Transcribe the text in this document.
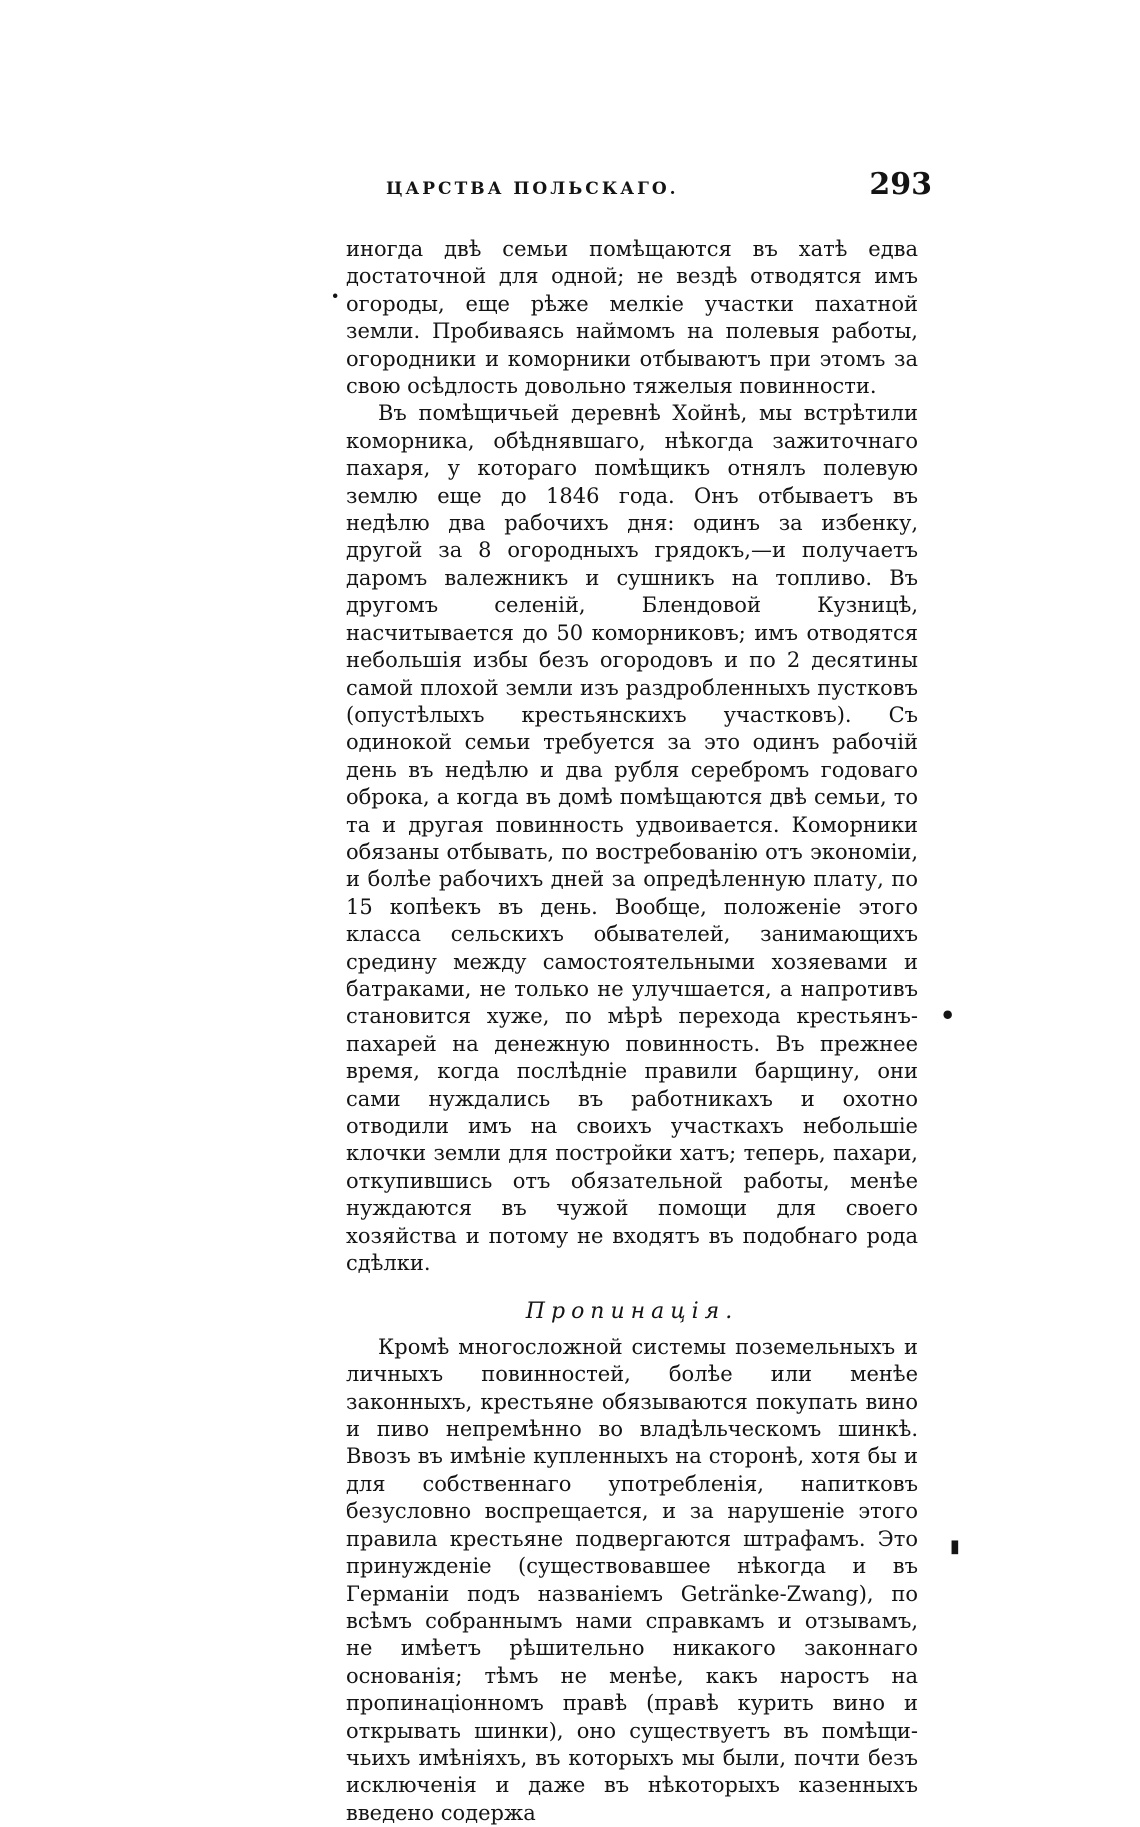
ЦАРСТВА ПОЛЬСКАГО.	293

иногда двѣ семьи помѣщаются въ хатѣ едва достаточной для одной; не вездѣ отводятся имъ огороды, еще рѣже мелкіе участки пахатной земли. Пробиваясь наймомъ на полевыя работы, огородники и коморники отбываютъ при этомъ за свою осѣдлость довольно тяжелыя повинности.

Въ помѣщичьей деревнѣ Хойнѣ, мы встрѣтили коморника, обѣднявшаго, нѣкогда зажиточнаго пахаря, у котораго помѣщикъ отнялъ полевую землю еще до 1846 года. Онъ отбываетъ въ недѣлю два рабочихъ дня: одинъ за избенку, другой за 8 огородныхъ грядокъ,—и получаетъ даромъ валежникъ и сушникъ на топливо. Въ другомъ селеній, Блендовой Кузницѣ, насчитывается до 50 коморниковъ; имъ отводятся небольшія избы безъ огородовъ и по 2 десятины самой плохой земли изъ раздробленныхъ пустковъ (опустѣлыхъ крестьянскихъ участковъ). Съ одинокой семьи требуется за это одинъ рабочій день въ недѣлю и два рубля серебромъ годоваго оброка, а когда въ домѣ помѣщаются двѣ семьи, то та и другая повинность удвоивается. Коморники обязаны отбывать, по востребованію отъ экономіи, и болѣе рабочихъ дней за опредѣленную плату, по 15 копѣекъ въ день. Вообще, положеніе этого класса сельскихъ обывателей, занимающихъ средину между самостоятельными хозяевами и батраками, не только не улучшается, а напротивъ становится хуже, по мѣрѣ перехода крестьянъ-пахарей на денежную повинность. Въ прежнее время, когда послѣдніе правили барщину, они сами нуждались въ работникахъ и охотно отводили имъ на своихъ участкахъ небольшіе клочки земли для постройки хатъ; теперь, пахари, откупившись отъ обязательной работы, менѣе нуждаются въ чужой помощи для своего хозяйства и потому не входятъ въ подобнаго рода сдѣлки.

Пропинація.

Кромѣ многосложной системы поземельныхъ и личныхъ повинностей, болѣе или менѣе законныхъ, крестьяне обязываются покупать вино и пиво непремѣнно во владѣльческомъ шинкѣ. Ввозъ въ имѣніе купленныхъ на сторонѣ, хотя бы и для собственнаго употребленія, напитковъ безусловно воспрещается, и за нарушеніе этого правила крестьяне подвергаются штрафамъ. Это принужденіе (существовавшее нѣкогда и въ Германіи подъ названіемъ Getränke-Zwang), по всѣмъ собраннымъ нами справкамъ и отзывамъ, не имѣетъ рѣшительно никакого законнаго основанія; тѣмъ не менѣе, какъ наростъ на пропинаціонномъ правѣ (правѣ курить вино и открывать шинки), оно существуетъ въ помѣщичьихъ имѣніяхъ, въ которыхъ мы были, почти безъ исключенія и даже въ нѣкоторыхъ казенныхъ введено содержа

·
•
▮
